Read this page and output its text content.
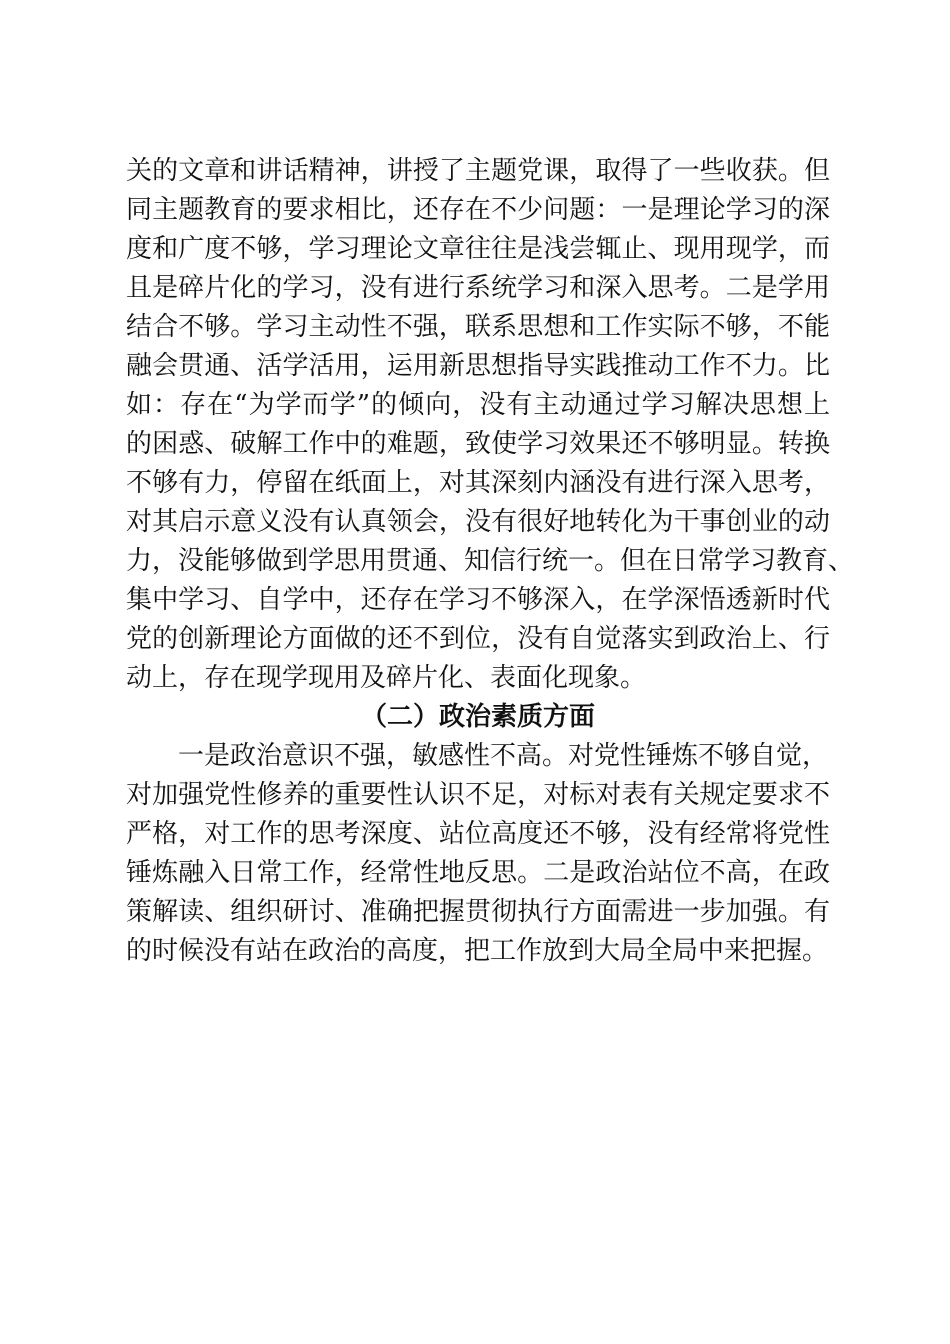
关的文章和讲话精神，讲授了主题党课，取得了一些收获。但
同主题教育的要求相比，还存在不少问题：一是理论学习的深
度和广度不够，学习理论文章往往是浅尝辄止、现用现学，而
且是碎片化的学习，没有进行系统学习和深入思考。二是学用
结合不够。学习主动性不强，联系思想和工作实际不够，不能
融会贯通、活学活用，运用新思想指导实践推动工作不力。比
如：存在“为学而学”的倾向，没有主动通过学习解决思想上
的困惑、破解工作中的难题，致使学习效果还不够明显。转换
不够有力，停留在纸面上，对其深刻内涵没有进行深入思考，
对其启示意义没有认真领会，没有很好地转化为干事创业的动
力，没能够做到学思用贯通、知信行统一。但在日常学习教育、
集中学习、自学中，还存在学习不够深入，在学深悟透新时代
党的创新理论方面做的还不到位，没有自觉落实到政治上、行
动上，存在现学现用及碎片化、表面化现象。
（二）政治素质方面
一是政治意识不强，敏感性不高。对党性锤炼不够自觉，
对加强党性修养的重要性认识不足，对标对表有关规定要求不
严格，对工作的思考深度、站位高度还不够，没有经常将党性
锤炼融入日常工作，经常性地反思。二是政治站位不高，在政
策解读、组织研讨、准确把握贯彻执行方面需进一步加强。有
的时候没有站在政治的高度，把工作放到大局全局中来把握。
